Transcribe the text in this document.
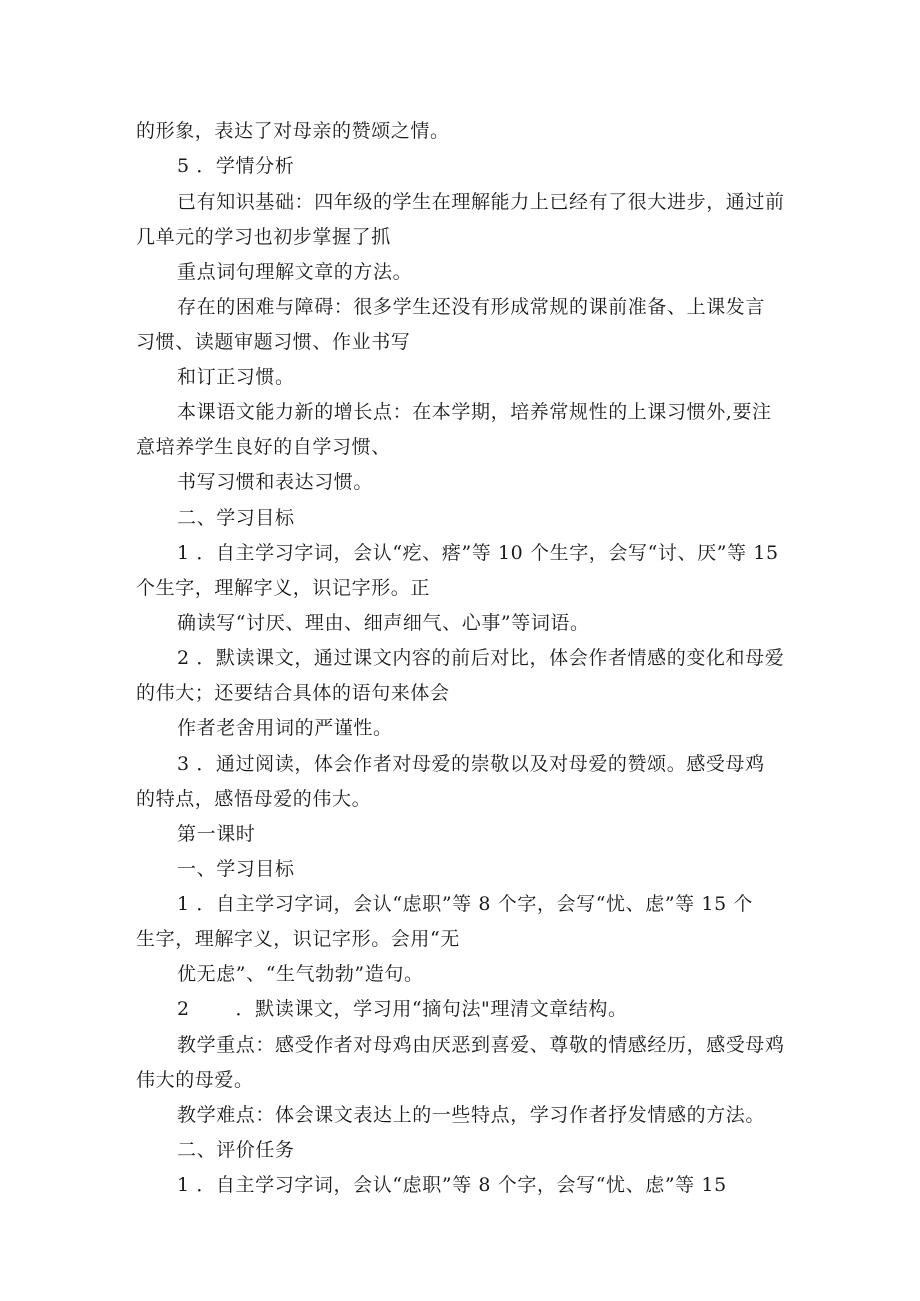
的形象，表达了对母亲的赞颂之情。
5 ．学情分析
已有知识基础：四年级的学生在理解能力上已经有了很大进步，通过前
几单元的学习也初步掌握了抓
重点词句理解文章的方法。
存在的困难与障碍：很多学生还没有形成常规的课前准备、上课发言
习惯、读题审题习惯、作业书写
和订正习惯。
本课语文能力新的增长点：在本学期，培养常规性的上课习惯外,要注
意培养学生良好的自学习惯、
书写习惯和表达习惯。
二、学习目标
1 ．自主学习字词，会认“疙、瘩”等 10 个生字，会写“讨、厌”等 15
个生字，理解字义，识记字形。正
确读写“讨厌、理由、细声细气、心事”等词语。
2 ．默读课文，通过课文内容的前后对比，体会作者情感的变化和母爱
的伟大；还要结合具体的语句来体会
作者老舍用词的严谨性。
3 ．通过阅读，体会作者对母爱的崇敬以及对母爱的赞颂。感受母鸡
的特点，感悟母爱的伟大。
第一课时
一、学习目标
1 ．自主学习字词，会认“虑职”等 8 个字，会写“忧、虑”等 15 个
生字，理解字义，识记字形。会用“无
优无虑”、“生气勃勃”造句。
2 　　．默读课文，学习用“摘句法"理清文章结构。
教学重点：感受作者对母鸡由厌恶到喜爱、尊敬的情感经历，感受母鸡
伟大的母爱。
教学难点：体会课文表达上的一些特点，学习作者抒发情感的方法。
二、评价任务
1 ．自主学习字词，会认“虑职”等 8 个字，会写“忧、虑”等 15
